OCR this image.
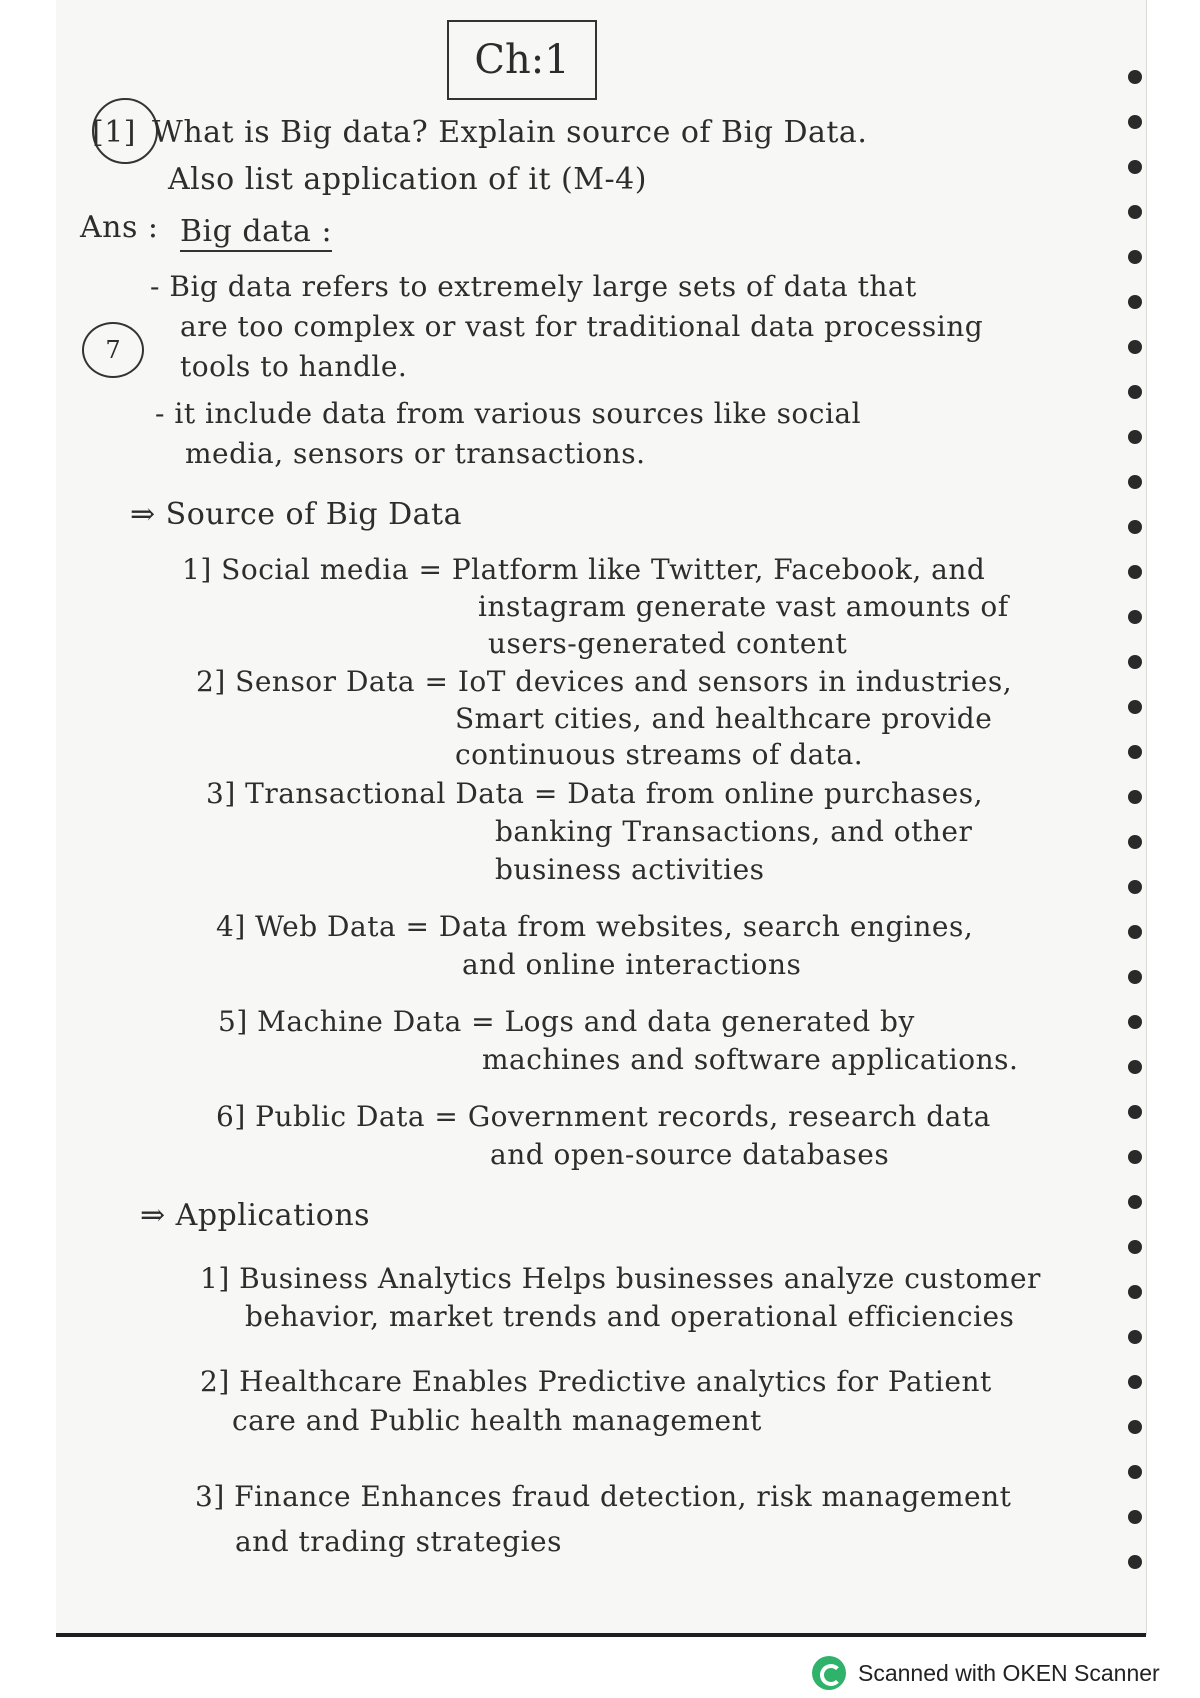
Ch:1
[1] What is Big data? Explain source of Big Data.
Also list application of it (M-4)
Ans : Big data :
7
- Big data refers to extremely large sets of data that
are too complex or vast for traditional data processing
tools to handle.
- it include data from various sources like social
media, sensors or transactions.
⇒ Source of Big Data
1] Social media = Platform like Twitter, Facebook, and
instagram generate vast amounts of
users-generated content
2] Sensor Data = IoT devices and sensors in industries,
Smart cities, and healthcare provide
continuous streams of data.
3] Transactional Data = Data from online purchases,
banking Transactions, and other
business activities
4] Web Data = Data from websites, search engines,
and online interactions
5] Machine Data = Logs and data generated by
machines and software applications.
6] Public Data = Government records, research data
and open-source databases
⇒ Applications
1] Business Analytics Helps businesses analyze customer
behavior, market trends and operational efficiencies
2] Healthcare Enables Predictive analytics for Patient
care and Public health management
3] Finance Enhances fraud detection, risk management
and trading strategies
Scanned with OKEN Scanner
